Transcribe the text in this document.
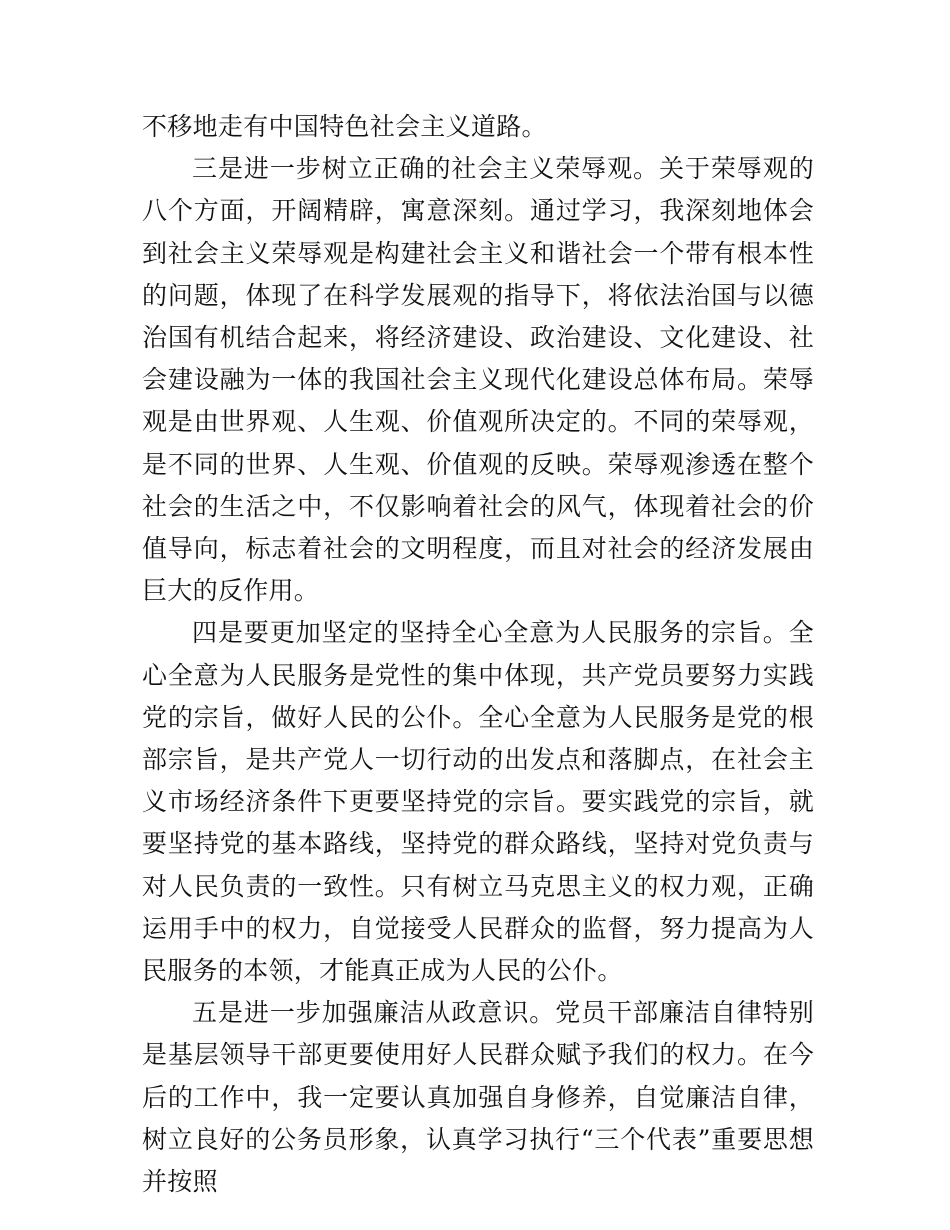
不移地走有中国特色社会主义道路。

三是进一步树立正确的社会主义荣辱观。关于荣辱观的八个方面，开阔精辟，寓意深刻。通过学习，我深刻地体会到社会主义荣辱观是构建社会主义和谐社会一个带有根本性的问题，体现了在科学发展观的指导下，将依法治国与以德治国有机结合起来，将经济建设、政治建设、文化建设、社会建设融为一体的我国社会主义现代化建设总体布局。荣辱观是由世界观、人生观、价值观所决定的。不同的荣辱观，是不同的世界、人生观、价值观的反映。荣辱观渗透在整个社会的生活之中，不仅影响着社会的风气，体现着社会的价值导向，标志着社会的文明程度，而且对社会的经济发展由巨大的反作用。

四是要更加坚定的坚持全心全意为人民服务的宗旨。全心全意为人民服务是党性的集中体现，共产党员要努力实践党的宗旨，做好人民的公仆。全心全意为人民服务是党的根部宗旨，是共产党人一切行动的出发点和落脚点，在社会主义市场经济条件下更要坚持党的宗旨。要实践党的宗旨，就要坚持党的基本路线，坚持党的群众路线，坚持对党负责与对人民负责的一致性。只有树立马克思主义的权力观，正确运用手中的权力，自觉接受人民群众的监督，努力提高为人民服务的本领，才能真正成为人民的公仆。

五是进一步加强廉洁从政意识。党员干部廉洁自律特别是基层领导干部更要使用好人民群众赋予我们的权力。在今后的工作中，我一定要认真加强自身修养，自觉廉洁自律，树立良好的公务员形象，认真学习执行“三个代表”重要思想并按照
